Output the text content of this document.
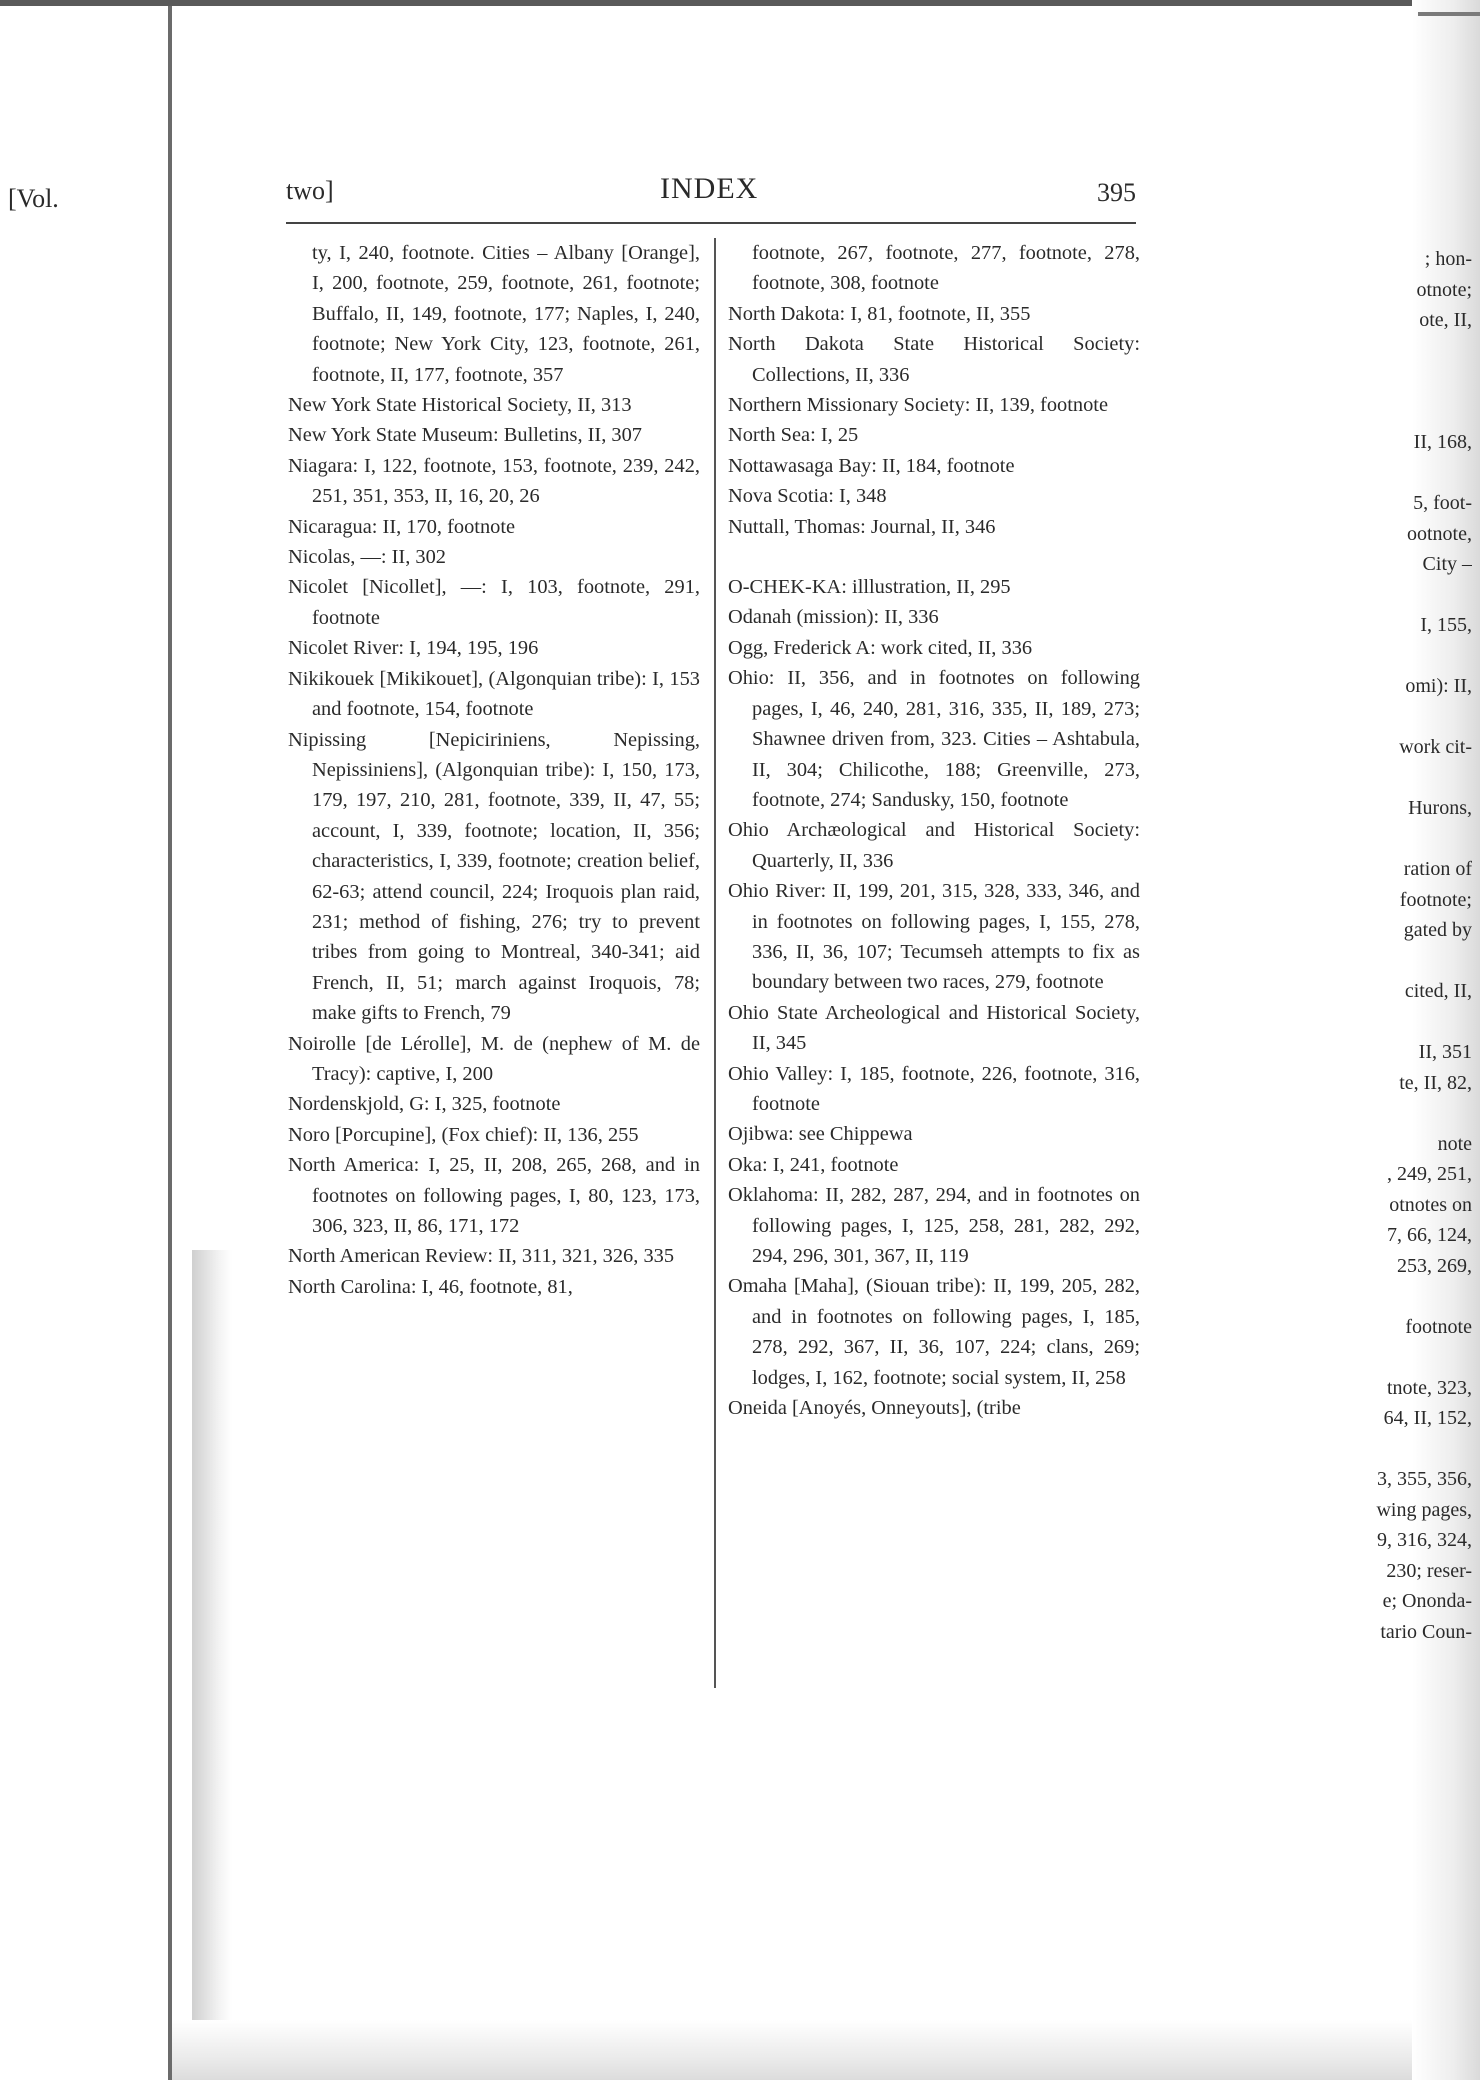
[Vol.
; hon-
otnote;
ote, II,
II, 168,
5, foot-
ootnote,
City –
I, 155,
omi): II,
work cit-
Hurons,
ration of
footnote;
gated by
cited, II,
II, 351
te, II, 82,
note
, 249, 251,
otnotes on
7, 66, 124,
253, 269,
footnote
tnote, 323,
64, II, 152,
3, 355, 356,
wing pages,
9, 316, 324,
230; reser-
e; Ononda-
tario Coun-
two]	INDEX	395

ty, I, 240, footnote. Cities – Albany [Orange], I, 200, footnote, 259, footnote, 261, footnote; Buffalo, II, 149, footnote, 177; Naples, I, 240, footnote; New York City, 123, footnote, 261, footnote, II, 177, footnote, 357

New York State Historical Society, II, 313

New York State Museum: Bulletins, II, 307

Niagara: I, 122, footnote, 153, footnote, 239, 242, 251, 351, 353, II, 16, 20, 26

Nicaragua: II, 170, footnote

Nicolas, —: II, 302

Nicolet [Nicollet], —: I, 103, footnote, 291, footnote

Nicolet River: I, 194, 195, 196

Nikikouek [Mikikouet], (Algonquian tribe): I, 153 and footnote, 154, footnote

Nipissing [Nepiciriniens, Nepissing, Nepissiniens], (Algonquian tribe): I, 150, 173, 179, 197, 210, 281, footnote, 339, II, 47, 55; account, I, 339, footnote; location, II, 356; characteristics, I, 339, footnote; creation belief, 62-63; attend council, 224; Iroquois plan raid, 231; method of fishing, 276; try to prevent tribes from going to Montreal, 340-341; aid French, II, 51; march against Iroquois, 78; make gifts to French, 79

Noirolle [de Lérolle], M. de (nephew of M. de Tracy): captive, I, 200

Nordenskjold, G: I, 325, footnote

Noro [Porcupine], (Fox chief): II, 136, 255

North America: I, 25, II, 208, 265, 268, and in footnotes on following pages, I, 80, 123, 173, 306, 323, II, 86, 171, 172

North American Review: II, 311, 321, 326, 335

North Carolina: I, 46, footnote, 81,

footnote, 267, footnote, 277, footnote, 278, footnote, 308, footnote

North Dakota: I, 81, footnote, II, 355

North Dakota State Historical Society: Collections, II, 336

Northern Missionary Society: II, 139, footnote

North Sea: I, 25

Nottawasaga Bay: II, 184, footnote

Nova Scotia: I, 348

Nuttall, Thomas: Journal, II, 346

O-CHEK-KA: illlustration, II, 295

Odanah (mission): II, 336

Ogg, Frederick A: work cited, II, 336

Ohio: II, 356, and in footnotes on following pages, I, 46, 240, 281, 316, 335, II, 189, 273; Shawnee driven from, 323. Cities – Ashtabula, II, 304; Chilicothe, 188; Greenville, 273, footnote, 274; Sandusky, 150, footnote

Ohio Archæological and Historical Society: Quarterly, II, 336

Ohio River: II, 199, 201, 315, 328, 333, 346, and in footnotes on following pages, I, 155, 278, 336, II, 36, 107; Tecumseh attempts to fix as boundary between two races, 279, footnote

Ohio State Archeological and Historical Society, II, 345

Ohio Valley: I, 185, footnote, 226, footnote, 316, footnote

Ojibwa: see Chippewa

Oka: I, 241, footnote

Oklahoma: II, 282, 287, 294, and in footnotes on following pages, I, 125, 258, 281, 282, 292, 294, 296, 301, 367, II, 119

Omaha [Maha], (Siouan tribe): II, 199, 205, 282, and in footnotes on following pages, I, 185, 278, 292, 367, II, 36, 107, 224; clans, 269; lodges, I, 162, footnote; social system, II, 258

Oneida [Anoyés, Onneyouts], (tribe
